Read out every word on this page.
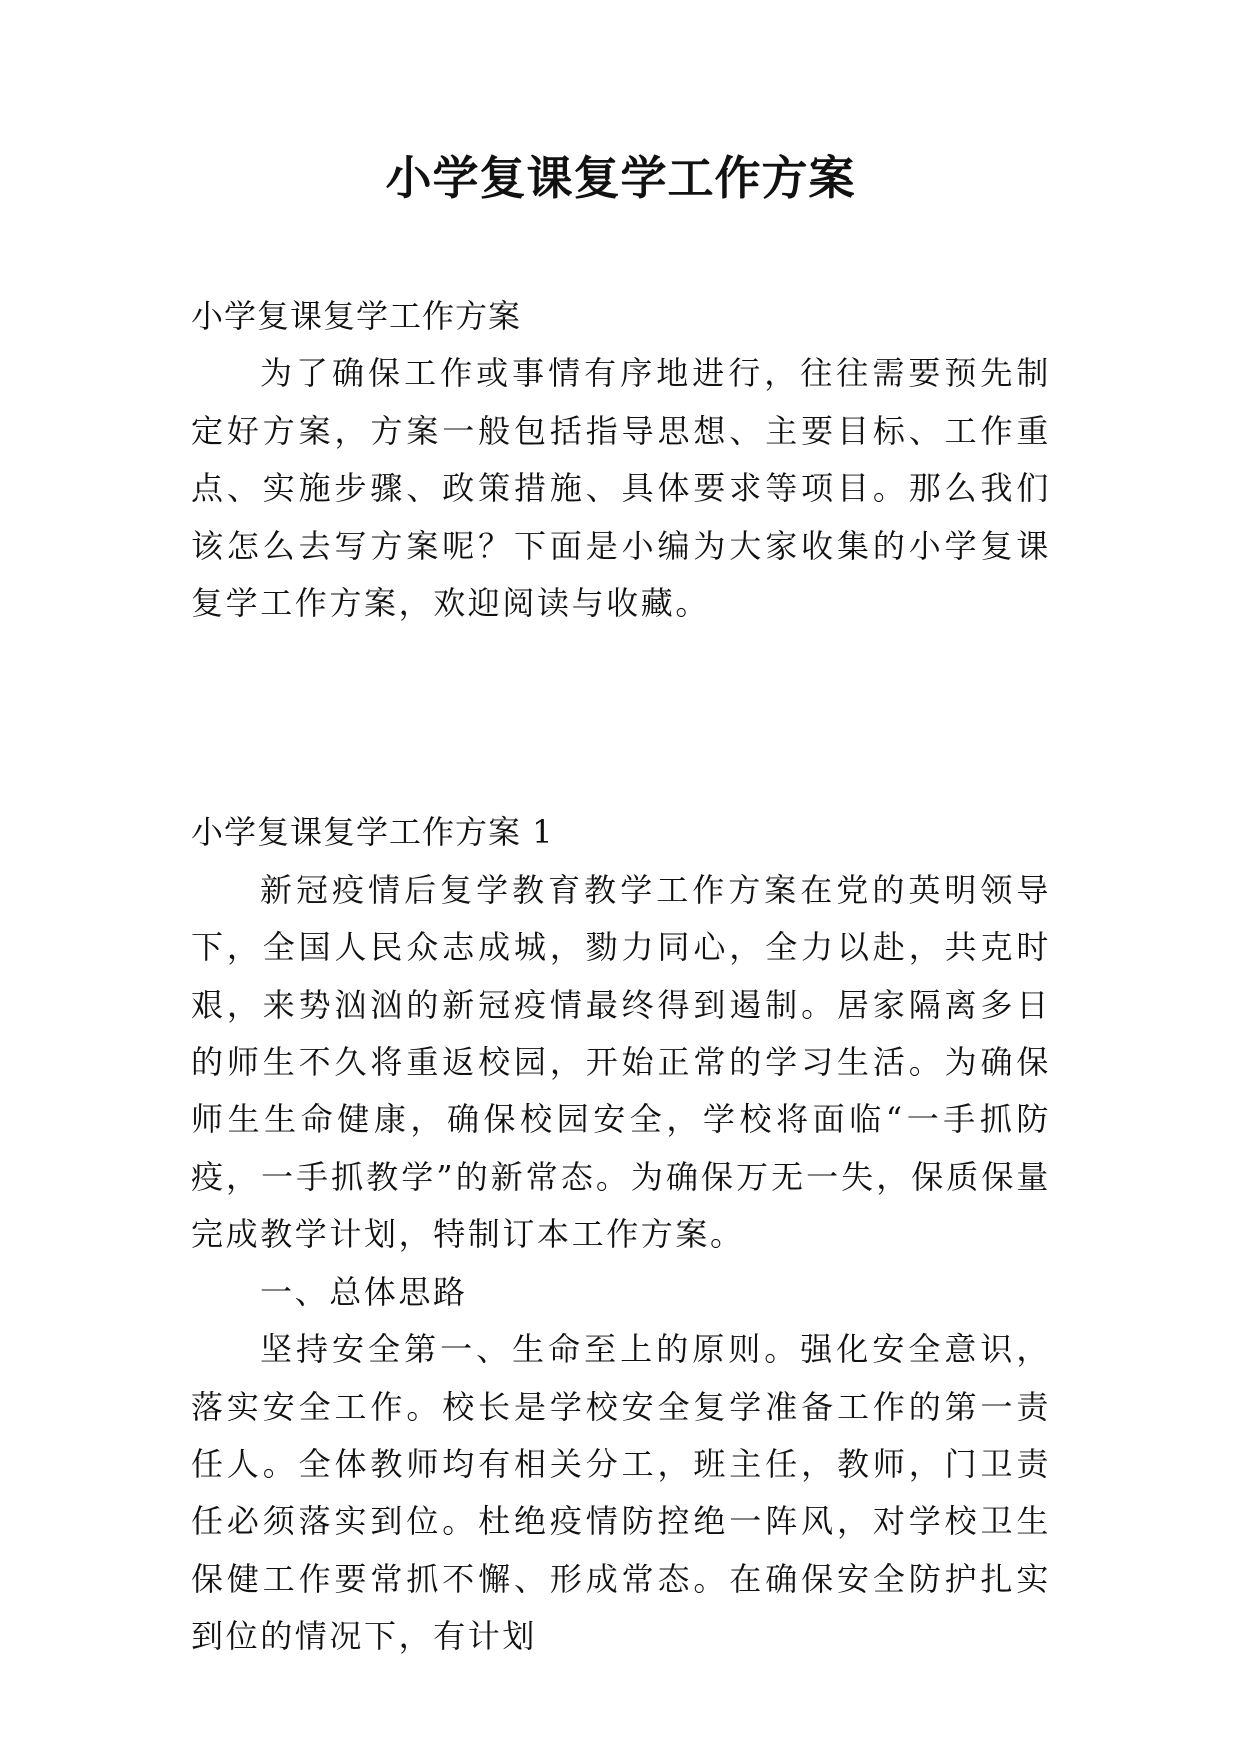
小学复课复学工作方案

小学复课复学工作方案

为了确保工作或事情有序地进行，往往需要预先制定好方案，方案一般包括指导思想、主要目标、工作重点、实施步骤、政策措施、具体要求等项目。那么我们该怎么去写方案呢？下面是小编为大家收集的小学复课复学工作方案，欢迎阅读与收藏。

小学复课复学工作方案 1

新冠疫情后复学教育教学工作方案在党的英明领导下，全国人民众志成城，勠力同心，全力以赴，共克时艰，来势汹汹的新冠疫情最终得到遏制。居家隔离多日的师生不久将重返校园，开始正常的学习生活。为确保师生生命健康，确保校园安全，学校将面临“一手抓防疫，一手抓教学”的新常态。为确保万无一失，保质保量完成教学计划，特制订本工作方案。

一、总体思路

坚持安全第一、生命至上的原则。强化安全意识，落实安全工作。校长是学校安全复学准备工作的第一责任人。全体教师均有相关分工，班主任，教师，门卫责任必须落实到位。杜绝疫情防控绝一阵风，对学校卫生保健工作要常抓不懈、形成常态。在确保安全防护扎实到位的情况下，有计划
